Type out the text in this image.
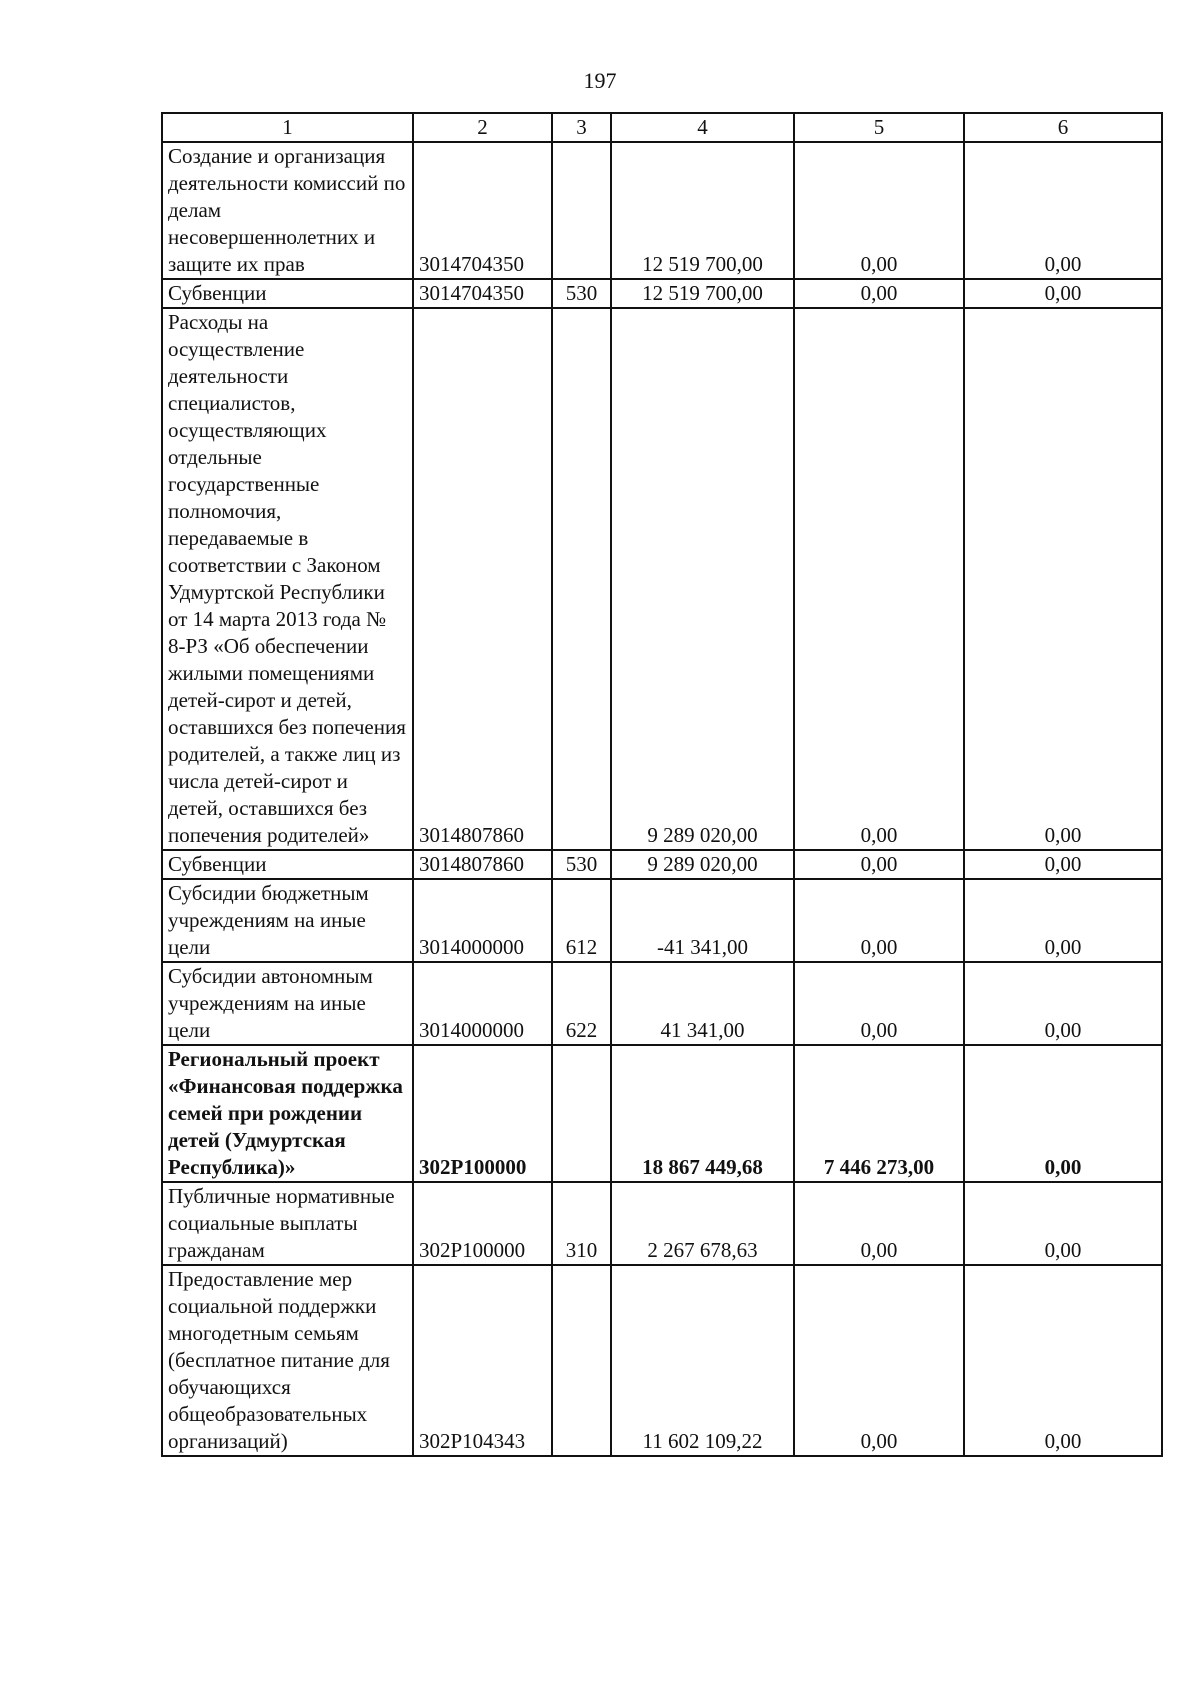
197
1	2	3	4	5	6
Создание и организация деятельности комиссий по делам несовершеннолетних и защите их прав	3014704350		12 519 700,00	0,00	0,00
Субвенции	3014704350	530	12 519 700,00	0,00	0,00
Расходы на осуществление деятельности специалистов, осуществляющих отдельные государственные полномочия, передаваемые в соответствии с Законом Удмуртской Республики от 14 марта 2013 года № 8-РЗ «Об обеспечении жилыми помещениями детей-сирот и детей, оставшихся без попечения родителей, а также лиц из числа детей-сирот и детей, оставшихся без попечения родителей»	3014807860		9 289 020,00	0,00	0,00
Субвенции	3014807860	530	9 289 020,00	0,00	0,00
Субсидии бюджетным учреждениям на иные цели	3014000000	612	-41 341,00	0,00	0,00
Субсидии автономным учреждениям на иные цели	3014000000	622	41 341,00	0,00	0,00
Региональный проект «Финансовая поддержка семей при рождении детей (Удмуртская Республика)»	302P100000		18 867 449,68	7 446 273,00	0,00
Публичные нормативные социальные выплаты гражданам	302P100000	310	2 267 678,63	0,00	0,00
Предоставление мер социальной поддержки многодетным семьям (бесплатное питание для обучающихся общеобразовательных организаций)	302P104343		11 602 109,22	0,00	0,00
